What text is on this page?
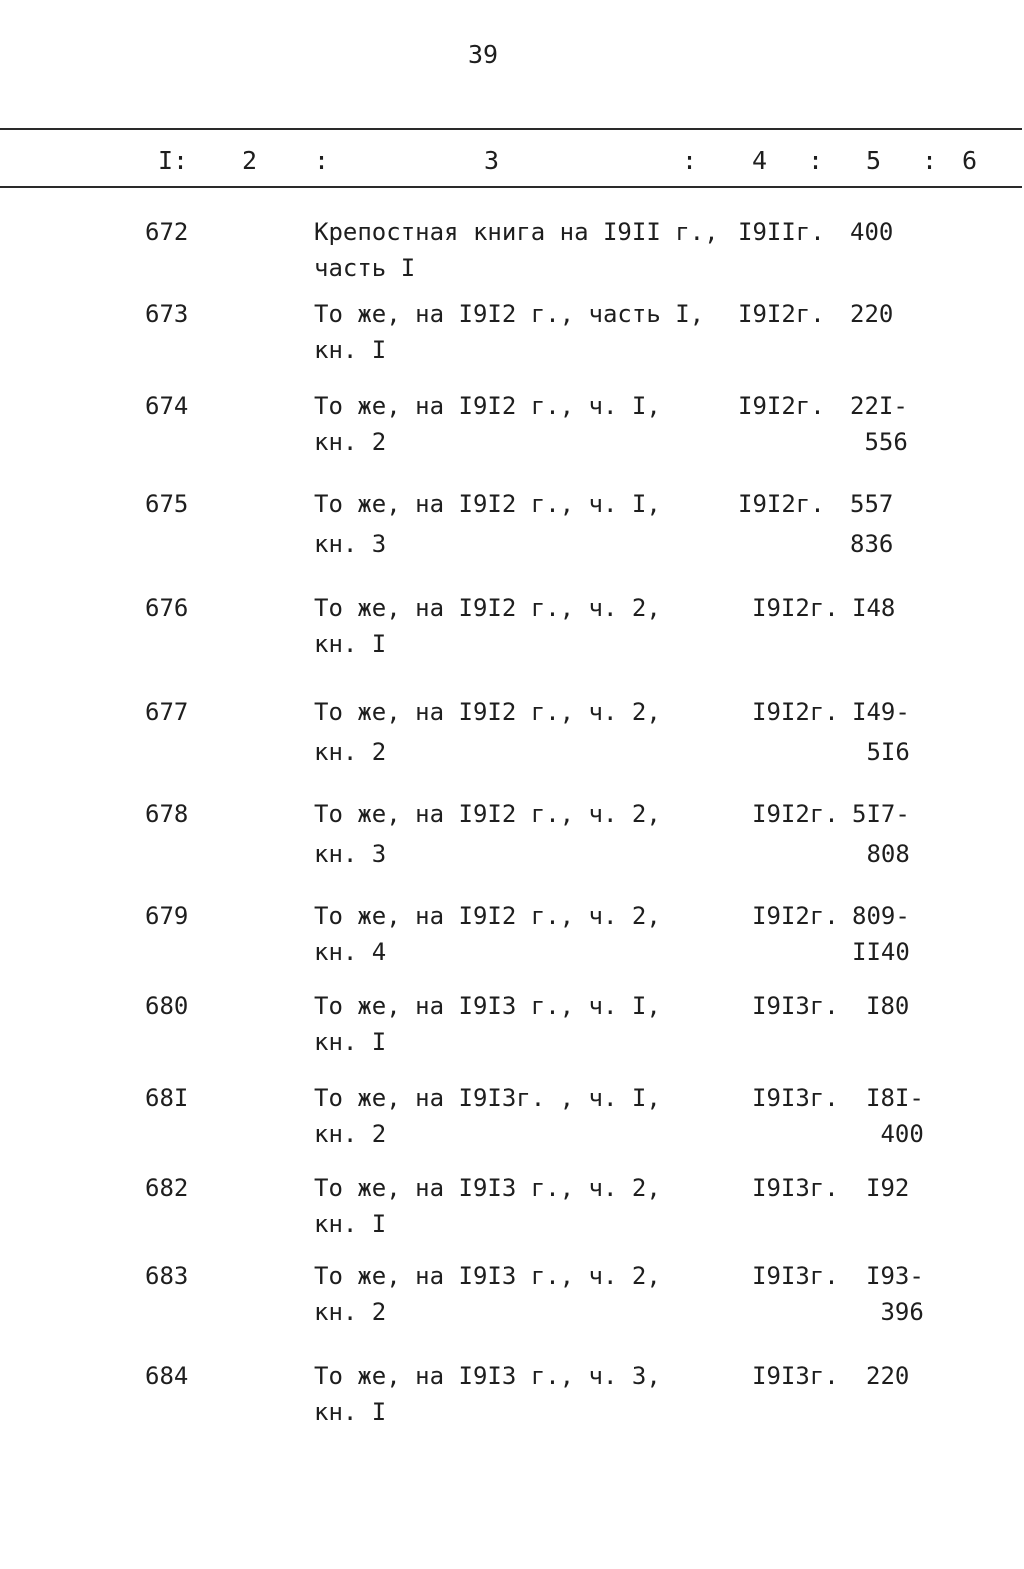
39
I: 2 :	3	: 4 : 5 : 6
672	Крепостная книга на I9II г.,
часть I
I9IIг. 400
673	То же, на I9I2 г., часть I,
кн. I
I9I2г. 220
674	То же, на I9I2 г., ч. I,
кн. 2
I9I2г. 22I-
556
675	То же, на I9I2 г., ч. I,
кн. 3
I9I2г. 557
836
676	То же, на I9I2 г., ч. 2,
кн. I
I9I2г. I48
677	То же, на I9I2 г., ч. 2,
кн. 2
I9I2г. I49-
5I6
678	То же, на I9I2 г., ч. 2,
кн. 3
I9I2г. 5I7-
808
679	То же, на I9I2 г., ч. 2,
кн. 4
I9I2г. 809-
II40
680	То же, на I9I3 г., ч. I,
кн. I
I9I3г. I80
68I	То же, на I9I3г. , ч. I,
кн. 2
I9I3г. I8I-
400
682	То же, на I9I3 г., ч. 2,
кн. I
I9I3г. I92
683	То же, на I9I3 г., ч. 2,
кн. 2
I9I3г. I93-
396
684	То же, на I9I3 г., ч. 3,
кн. I
I9I3г. 220
